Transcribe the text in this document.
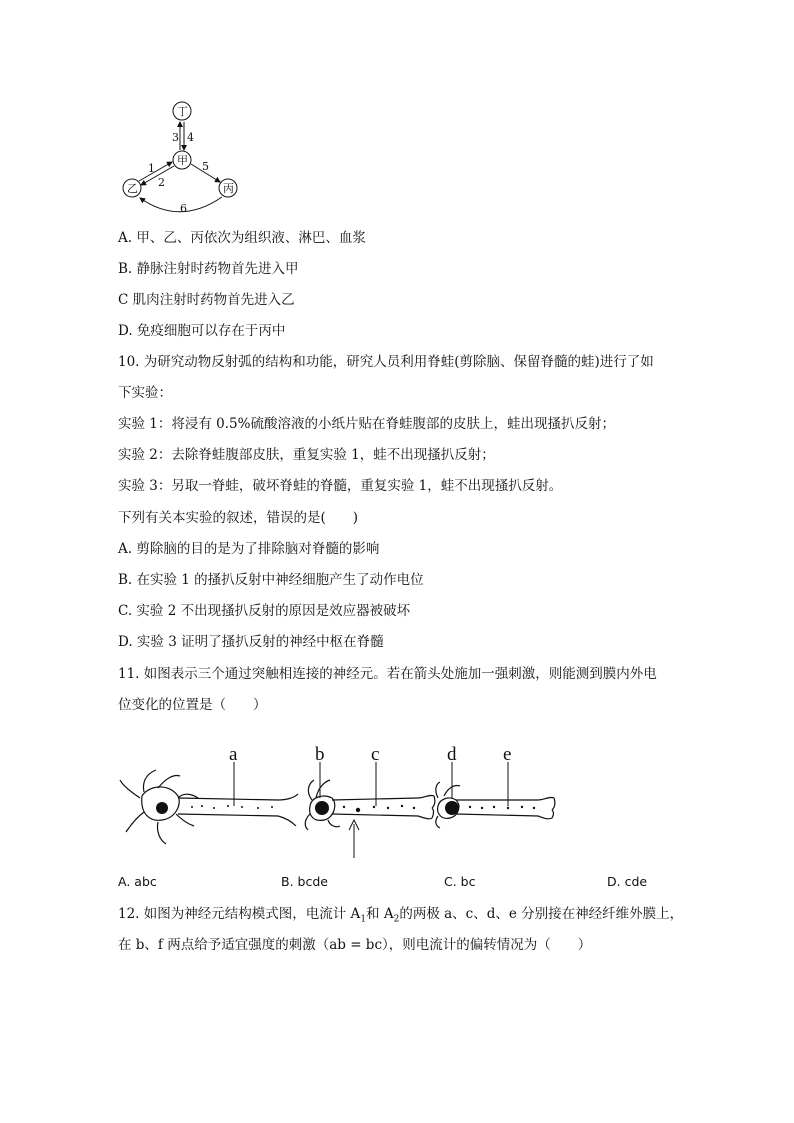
丁
甲
乙	丙
3 4
1
2
5
6
A. 甲、乙、丙依次为组织液、淋巴、血浆
B. 静脉注射时药物首先进入甲
C 肌肉注射时药物首先进入乙
D. 免疫细胞可以存在于丙中
10. 为研究动物反射弧的结构和功能，研究人员利用脊蛙(剪除脑、保留脊髓的蛙)进行了如
下实验：
实验 1：将浸有 0.5%硫酸溶液的小纸片贴在脊蛙腹部的皮肤上，蛙出现搔扒反射；
实验 2：去除脊蛙腹部皮肤，重复实验 1，蛙不出现搔扒反射；
实验 3：另取一脊蛙，破坏脊蛙的脊髓，重复实验 1，蛙不出现搔扒反射。
下列有关本实验的叙述，错误的是(　　)
A. 剪除脑的目的是为了排除脑对脊髓的影响
B. 在实验 1 的搔扒反射中神经细胞产生了动作电位
C. 实验 2 不出现搔扒反射的原因是效应器被破坏
D. 实验 3 证明了搔扒反射的神经中枢在脊髓
11. 如图表示三个通过突触相连接的神经元。若在箭头处施加一强刺激，则能测到膜内外电
位变化的位置是（　　）
a	b c	d e
A. abc	B. bcde	C. bc	D. cde
12. 如图为神经元结构模式图，电流计 $A_1$和 $A_2$的两极 a、c、d、e 分别接在神经纤维外膜上，
在 b、f 两点给予适宜强度的刺激（ab = bc），则电流计的偏转情况为（　　）
